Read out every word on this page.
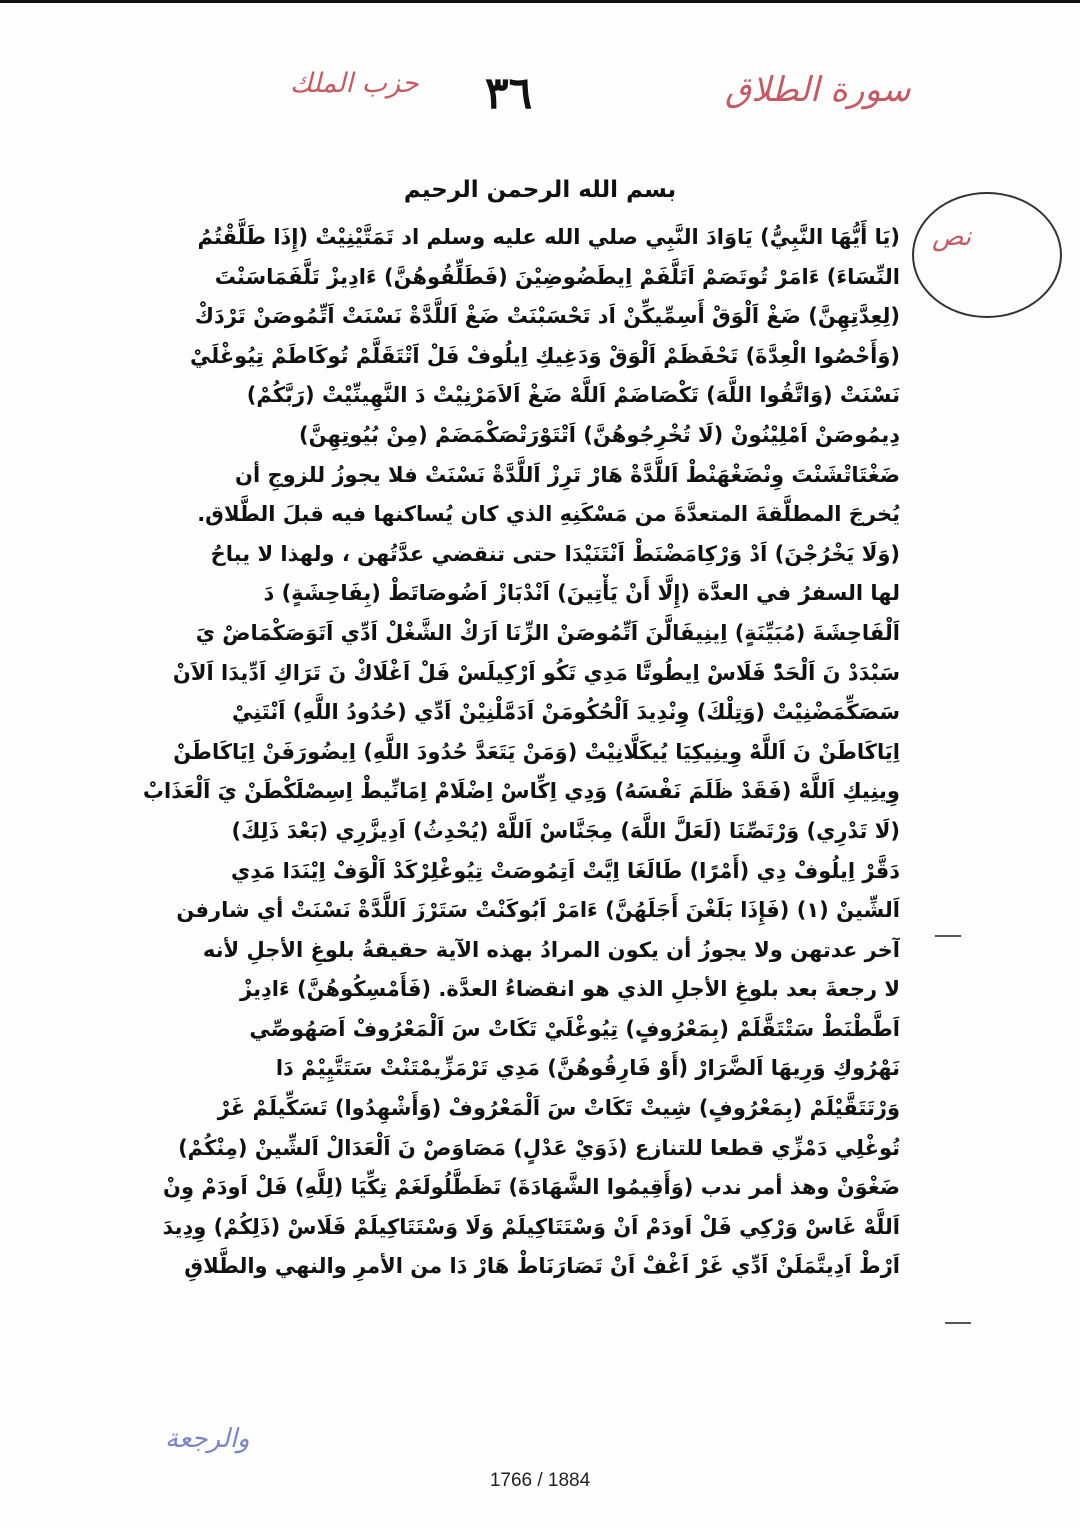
حزب الملك ٣٦	سورة الطلاق
بسم الله الرحمن الرحيم
نص
(يَا أَيُّهَا النَّبِيُّ) يَاوَادَ النَّبِي صلي الله عليه وسلم اد تَمَتَّيْنِيْتْ (إِذَا طَلَّقْتُمُ
النِّسَاءَ) ءَامَرْ تُوتَصَمْ اَتَلَّفَمْ اِيطَضُوضِيْنَ (فَطَلِّقُوهُنَّ) ءَادِيزْ تَلَّفَمَاسَنْتَ
(لِعِدَّتِهِنَّ) ضَغْ اَلْوَقْ أَسِمِّيكِّنْ اَد تَحْسَبْنَتْ ضَغْ اَللَّدَّةْ نَسْنَتْ اَتِّمُوصَنْ تَرْدَكْ
(وَأَحْصُوا الْعِدَّةَ) تَحْفَظَمْ اَلْوَقْ وَدَغِيكِ اِيلُوفْ فَلْ اَتْتَقَلَّمْ تُوكَاطَمْ تِيُوغْلَيْ
نَسْنَتْ (وَاتَّقُوا اللَّهَ) تَكْصَاضَمْ اَللَّهْ ضَغْ اَلاَمَرْنِيْتْ دَ النَّهِينِّيْتْ (رَبَّكُمْ)
دِيمُوصَنْ اَمْلِيْنُونْ (لَا تُخْرِجُوهُنَّ) اَتْتَوْرَتْصَكْمَضَمْ (مِنْ بُيُوتِهِنَّ)
ضَغْتَاتْشَنْتَ وِنْضَغْهَنْطْ اَللَّدَّةْ هَارْ تَرِزْ اَللَّدَّةْ نَسْنَتْ فلا يجوزُ للزوجِ أن
يُخرجَ المطلَّقةَ المتعدَّةَ من مَسْكَنِهِ الذي كان يُساكنها فيه قبلَ الطَّلاق.
(وَلَا يَخْرُجْنَ) اَدْ وَرْكِامَضْنَطْ اَنْتَنَيْدَا حتى تنقضي عدَّتُهن ، ولهذا لا يباحُ
لها السفرُ في العدَّة (إِلَّا أَنْ يَأْتِينَ) اَنْدْبَازْ اَضُوصَاتَطْ (بِفَاحِشَةٍ) دَ
اَلْفَاحِشَةَ (مُبَيِّنَةٍ) اِينِيفَالَّنَ اَتِّمُوصَنْ الزِّنَا اَرَكْ الشَّغْلْ اَدِّي اَتَوَصَكْمَاضْ يَ
سَبْدَدْ نَ اَلْحَدّْ فَلَاسْ اِيطُوتَّا مَدِي تَكُو اَرْكِيلَسْ فَلْ اَغْلَاكْ نَ تَرَاكِ اَدِّيدَا اَلاَنْ
سَصَكِّمَضْنِيْتْ (وَتِلْكَ) وِنْدِيدَ اَلْحُكُومَنْ اَدَمَّلْنِيْنْ اَدِّي (حُدُودُ اللَّهِ) اَنْتَنِيْ
اِيَاكَاطَنْ نَ اَللَّهْ وِينِيكِيَا يُيكَلَّانِيْتْ (وَمَنْ يَتَعَدَّ حُدُودَ اللَّهِ) اِيضُورَفَنْ اِيَاكَاطَنْ
وِينِيكِ اَللَّهْ (فَقَدْ ظَلَمَ نَفْسَهُ) وَدِي اِكِّاسْ اِضْلَامْ اِمَانِّيطْ اِسِصْلَكْطَنْ يَ اَلْعَذَابْ
(لَا تَدْرِي) وَرْتَصِّنَا (لَعَلَّ اللَّهَ) مِجَنَّاسْ اَللَّهْ (يُحْدِثُ) اَدِيزَّرِي (بَعْدَ ذَلِكَ)
دَقَّرْ اِيلُوفْ دِي (أَمْرًا) طَالَغَا اِيَّتْ اَتِمُوصَتْ تِيُوغْلِرْكَدْ اَلْوَفْ اِيْنَدَا مَدِي
اَلشِّينْ (١) (فَإِذَا بَلَغْنَ أَجَلَهُنَّ) ءَامَرْ اَبُوكَنْتْ سَتَرْزَ اَللَّدَّةْ نَسْنَتْ أي شارفن
آخر عدتهن ولا يجوزُ أن يكون المرادُ بهذه الآية حقيقةُ بلوغِ الأجلِ لأنه
لا رجعةَ بعد بلوغِ الأجلِ الذي هو انقضاءُ العدَّة. (فَأَمْسِكُوهُنَّ) ءَادِيزْ
اَطَّطْنَطْ سَتْتَقَّلَمْ (بِمَعْرُوفٍ) تِيُوغْلَيْ تَكَاتْ سَ اَلْمَعْرُوفْ اَصَهُوصِّي
نَهْرُوكِ وَرِيهَا اَلضَّرَارْ (أَوْ فَارِقُوهُنَّ) مَدِي تَرْمَزِّيمْتَنْتْ سَتَتَّيِيْمْ دَا
وَرْتَتَقَّيْلَمْ (بِمَعْرُوفٍ) شِيتْ تَكَاتْ سَ اَلْمَعْرُوفْ (وَأَشْهِدُوا) تَسَكِّيلَمْ غَرْ
تُوغْلِي دَمْزِّي قطعا للتنازع (ذَوَيْ عَدْلٍ) مَصَاوَصْ نَ اَلْعَدَالْ اَلشِّينْ (مِنْكُمْ)
ضَغْوَنْ وهذ أمر ندب (وَأَقِيمُوا الشَّهَادَةَ) تَظَطَّلُولَغَمْ تِكِّيَا (لِلَّهِ) فَلْ اَودَمْ وِنْ
اَللَّهْ غَاسْ وَرْكِي فَلْ اَودَمْ اَنْ وَسْتَتَاكِيلَمْ وَلَا وَسْتَتَاكِيلَمْ فَلَاسْ (ذَلِكُمْ) وِدِيدَ
اَرْطْ اَدِيتَّمَلَنْ اَدِّي غَرْ اَغْفْ اَنْ تَصَارَنَاطْ هَارْ دَا من الأمرِ والنهي والطَّلاقِ
والرجعة
1766 / 1884
